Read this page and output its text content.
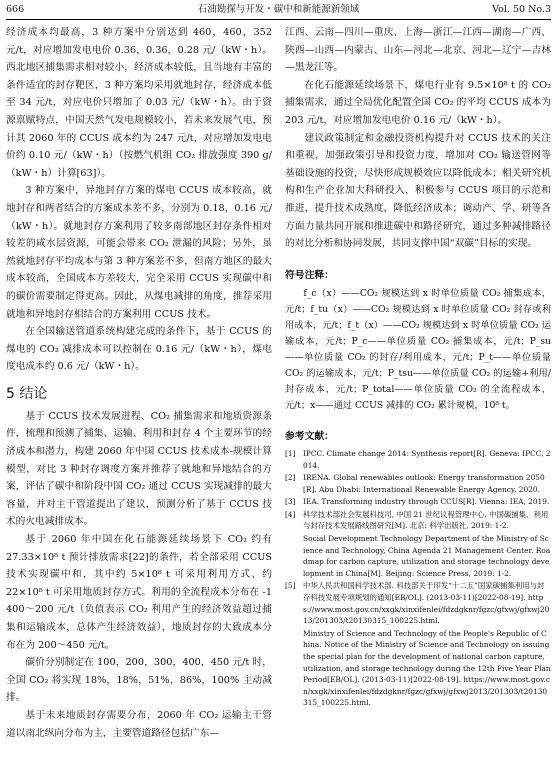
666	石油勘探与开发・碳中和新能源新领域	Vol. 50 No.3

经济成本均最高，3 种方案中分别达到 460，460，352 元/t，对应增加发电电价 0.36，0.36，0.28 元/（kW・h）。西北地区捕集需求相对较小，经济成本较低，且当地有丰富的条件适宜的封存靶区，3 种方案均采用就地封存，经济成本低至 34 元/t，对应电价只增加了 0.03 元/（kW・h）。由于资源禀赋特点，中国天然气发电规模较小，若未来发展气电，预计其 2060 年的 CCUS 成本约为 247 元/t，对应增加发电电价约 0.10 元/（kW・h）（按燃气机组 CO₂ 排放强度 390 g/（kW・h）计算[63]）。

3 种方案中，异地封存方案的煤电 CCUS 成本较高，就地封存和两者结合的方案成本差不多，分别为 0.18，0.16 元/（kW・h）。就地封存方案利用了较多南部地区封存条件相对较差的咸水层资源，可能会带来 CO₂ 泄漏的风险；另外，虽然就地封存平均成本与第 3 种方案差不多，但南方地区的最大成本较高，全国成本方差较大，完全采用 CCUS 实现碳中和的碳价需要制定得更高。因此，从煤电减排的角度，推荐采用就地和异地封存相结合的方案利用 CCUS 技术。

在全国输送管道系统构建完成的条件下，基于 CCUS 的煤电的 CO₂ 减排成本可以控制在 0.16 元/（kW・h），煤电度电成本约 0.6 元/（kW・h）。

5 结论

基于 CCUS 技术发展进程、CO₂ 捕集需求和地质资源条件，梳理和预测了捕集、运输、利用和封存 4 个主要环节的经济成本和潜力，构建 2060 年中国 CCUS 技术成本-规模计算模型，对比 3 种封存调度方案并推荐了就地和异地结合的方案，评估了碳中和阶段中国 CO₂ 通过 CCUS 实现减排的最大容量，并对主干管道提出了建议，预测分析了基于 CCUS 技术的火电减排成本。

基于 2060 年中国在化石能源延续场景下 CO₂ 约有 27.33×10⁸ t 预计排放需求[22]的条件，若全部采用 CCUS 技术实现碳中和，其中约 5×10⁸ t 可采用利用方式、约 22×10⁸ t 可采用地质封存方式。利用的全流程成本分布在 -1 400～200 元/t（负值表示 CO₂ 利用产生的经济效益超过捕集和运输成本，总体产生经济效益），地质封存的大致成本分布在为 200～450 元/t。

碳价分别制定在 100，200，300，400，450 元/t 时，全国 CO₂ 将实现 18%，18%，51%，86%，100% 主动减排。

基于未来地质封存需要分布，2060 年 CO₂ 运输主干管道以南北纵向分布为主，主要管道路径包括广东—

江西、云南—四川—重庆、上海—浙江—江西—湖南—广西、陕西—山西—内蒙古、山东—河北—北京、河北—辽宁—吉林—黑龙江等。

在化石能源延续场景下，煤电行业有 9.5×10⁸ t 的 CO₂ 捕集需求，通过全局优化配置全国 CO₂ 的平均 CCUS 成本为 203 元/t，对应增加发电电价 0.16 元/（kW・h）。

建议政策制定和金融投资机构提升对 CCUS 技术的关注和重视，加强政策引导和投资力度，增加对 CO₂ 输送管网等基础设施的投资，尽快形成规模效应以降低成本；相关研究机构和生产企业加大科研投入，积极参与 CCUS 项目的示范和推进，提升技术成熟度，降低经济成本；调动产、学、研等各方面力量共同开展和推进碳中和路径研究，通过多种减排路径的对比分析和协同发展，共同支撑中国“双碳”目标的实现。

符号注释：

f_c（x）——CO₂ 规模达到 x 时单位质量 CO₂ 捕集成本，元/t；f_tu（x）——CO₂ 规模达到 x 时单位质量 CO₂ 封存或利用成本，元/t；f_t（x）——CO₂ 规模达到 x 时单位质量 CO₂ 运输成本，元/t；P_c——单位质量 CO₂ 捕集成本，元/t；P_su——单位质量 CO₂ 的封存/利用成本，元/t；P_t——单位质量 CO₂ 的运输成本，元/t；P_tsu——单位质量 CO₂ 的运输+利用/封存成本，元/t；P_total——单位质量 CO₂ 的全流程成本，元/t；x——通过 CCUS 减排的 CO₂ 累计规模，10⁸ t。

参考文献：
[1]	IPCC. Climate change 2014: Synthesis report[R]. Geneva: IPCC, 2014.
[2]	IRENA. Global renewables outlook: Energy transformation 2050[R]. Abu Dhabi: International Renewable Energy Agency, 2020.
[3]	IEA. Transforming industry through CCUS[R]. Vienna: IEA, 2019.
[4]	科学技术部社会发展科技司, 中国 21 世纪议程管理中心. 中国碳捕集、利用与封存技术发展路线图研究[M]. 北京: 科学出版社, 2019: 1-2.
Social Development Technology Department of the Ministry of Science and Technology, China Agenda 21 Management Center. Roadmap for carbon capture, utilization and storage technology development in China[M]. Beijing: Science Press, 2019: 1-2.
[5]	中华人民共和国科学技术部. 科技部关于印发“十二五”国家碳捕集利用与封存科技发展专项规划的通知[EB/OL]. (2013-03-11)[2022-08-19]. https://www.most.gov.cn/xxgk/xinxifenlei/fdzdgknr/fgzc/gfxwj/gfxwj2013/201303/t20130315_100225.html.
Ministry of Science and Technology of the People's Republic of China. Notice of the Ministry of Science and Technology on issuing the special plan for the development of national carbon capture, utilization, and storage technology during the 12th Five Year Plan Period[EB/OL]. (2013-03-11)[2022-08-19]. https://www.most.gov.cn/xxgk/xinxifenlei/fdzdgknr/fgzc/gfxwj/gfxwj2013/201303/t20130315_100225.html.
